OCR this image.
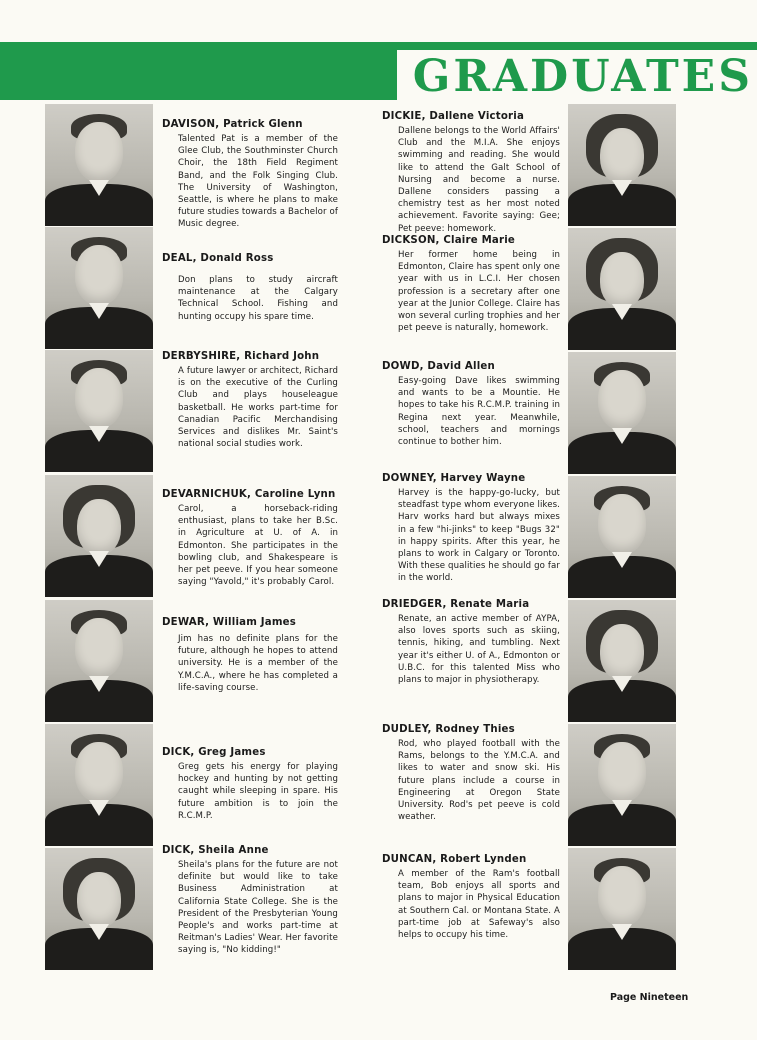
GRADUATES

DAVISON, Patrick Glenn

Talented Pat is a member of the Glee Club, the Southminster Church Choir, the 18th Field Regiment Band, and the Folk Singing Club. The University of Washington, Seattle, is where he plans to make future studies towards a Bachelor of Music degree.

DEAL, Donald Ross

Don plans to study aircraft maintenance at the Calgary Technical School. Fishing and hunting occupy his spare time.

DERBYSHIRE, Richard John

A future lawyer or architect, Richard is on the executive of the Curling Club and plays houseleague basketball. He works part-time for Canadian Pacific Merchandising Services and dislikes Mr. Saint's national social studies work.

DEVARNICHUK, Caroline Lynn

Carol, a horseback-riding enthusiast, plans to take her B.Sc. in Agriculture at U. of A. in Edmonton. She participates in the bowling club, and Shakespeare is her pet peeve. If you hear someone saying "Yavold," it's probably Carol.

DEWAR, William James

Jim has no definite plans for the future, although he hopes to attend university. He is a member of the Y.M.C.A., where he has completed a life-saving course.

DICK, Greg James

Greg gets his energy for playing hockey and hunting by not getting caught while sleeping in spare. His future ambition is to join the R.C.M.P.

DICK, Sheila Anne

Sheila's plans for the future are not definite but would like to take Business Administration at California State College. She is the President of the Presbyterian Young People's and works part-time at Reitman's Ladies' Wear. Her favorite saying is, "No kidding!"

DICKIE, Dallene Victoria

Dallene belongs to the World Affairs' Club and the M.I.A. She enjoys swimming and reading. She would like to attend the Galt School of Nursing and become a nurse. Dallene considers passing a chemistry test as her most noted achievement. Favorite saying: Gee; Pet peeve: homework.

DICKSON, Claire Marie

Her former home being in Edmonton, Claire has spent only one year with us in L.C.I. Her chosen profession is a secretary after one year at the Junior College. Claire has won several curling trophies and her pet peeve is naturally, homework.

DOWD, David Allen

Easy-going Dave likes swimming and wants to be a Mountie. He hopes to take his R.C.M.P. training in Regina next year. Meanwhile, school, teachers and mornings continue to bother him.

DOWNEY, Harvey Wayne

Harvey is the happy-go-lucky, but steadfast type whom everyone likes. Harv works hard but always mixes in a few "hi-jinks" to keep "Bugs 32" in happy spirits. After this year, he plans to work in Calgary or Toronto. With these qualities he should go far in the world.

DRIEDGER, Renate Maria

Renate, an active member of AYPA, also loves sports such as skiing, tennis, hiking, and tumbling. Next year it's either U. of A., Edmonton or U.B.C. for this talented Miss who plans to major in physiotherapy.

DUDLEY, Rodney Thies

Rod, who played football with the Rams, belongs to the Y.M.C.A. and likes to water and snow ski. His future plans include a course in Engineering at Oregon State University. Rod's pet peeve is cold weather.

DUNCAN, Robert Lynden

A member of the Ram's football team, Bob enjoys all sports and plans to major in Physical Education at Southern Cal. or Montana State. A part-time job at Safeway's also helps to occupy his time.

Page Nineteen
